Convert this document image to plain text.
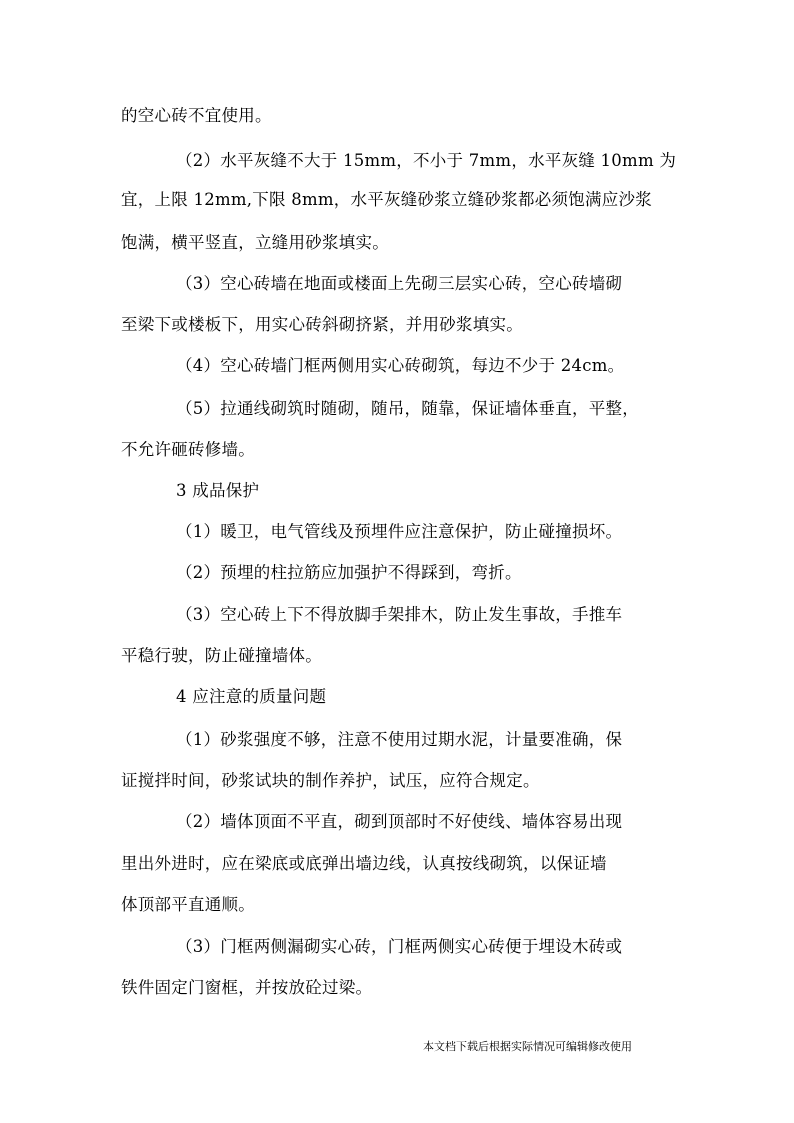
的空心砖不宜使用。
（2）水平灰缝不大于 15mm，不小于 7mm，水平灰缝 10mm 为
宜，上限 12mm,下限 8mm，水平灰缝砂浆立缝砂浆都必须饱满应沙浆
饱满，横平竖直，立缝用砂浆填实。
（3）空心砖墙在地面或楼面上先砌三层实心砖，空心砖墙砌
至梁下或楼板下，用实心砖斜砌挤紧，并用砂浆填实。
（4）空心砖墙门框两侧用实心砖砌筑，每边不少于 24cm。
（5）拉通线砌筑时随砌，随吊，随靠，保证墙体垂直，平整，
不允许砸砖修墙。
3 成品保护
（1）暖卫，电气管线及预埋件应注意保护，防止碰撞损坏。
（2）预埋的柱拉筋应加强护不得踩到，弯折。
（3）空心砖上下不得放脚手架排木，防止发生事故，手推车
平稳行驶，防止碰撞墙体。
4 应注意的质量问题
（1）砂浆强度不够，注意不使用过期水泥，计量要准确，保
证搅拌时间，砂浆试块的制作养护，试压，应符合规定。
（2）墙体顶面不平直，砌到顶部时不好使线、墙体容易出现
里出外进时，应在梁底或底弹出墙边线，认真按线砌筑，以保证墙
体顶部平直通顺。
（3）门框两侧漏砌实心砖，门框两侧实心砖便于埋设木砖或
铁件固定门窗框，并按放砼过梁。
本文档下载后根据实际情况可编辑修改使用
